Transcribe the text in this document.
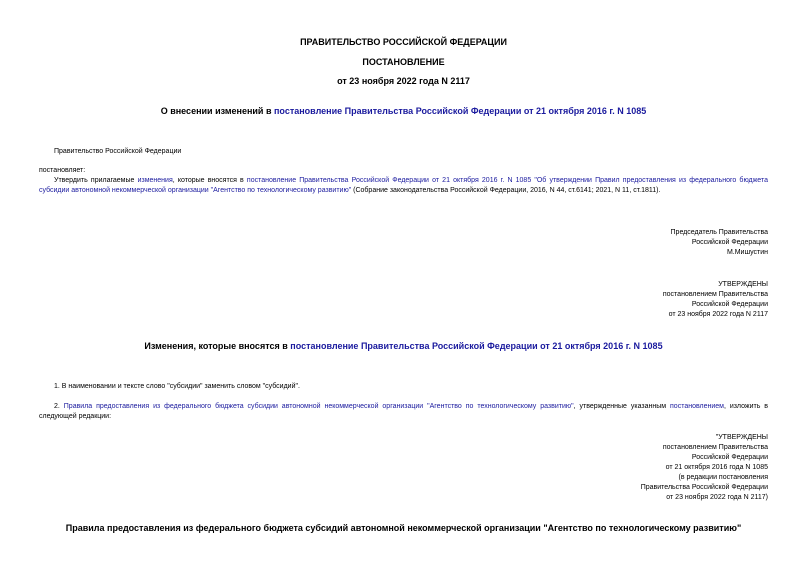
ПРАВИТЕЛЬСТВО РОССИЙСКОЙ ФЕДЕРАЦИИ
ПОСТАНОВЛЕНИЕ
от 23 ноября 2022 года N 2117
О внесении изменений в постановление Правительства Российской Федерации от 21 октября 2016 г. N 1085
Правительство Российской Федерации
постановляет:
Утвердить прилагаемые изменения, которые вносятся в постановление Правительства Российской Федерации от 21 октября 2016 г. N 1085 "Об утверждении Правил предоставления из федерального бюджета субсидии автономной некоммерческой организации "Агентство по технологическому развитию" (Собрание законодательства Российской Федерации, 2016, N 44, ст.6141; 2021, N 11, ст.1811).
Председатель Правительства
Российской Федерации
М.Мишустин
УТВЕРЖДЕНЫ
постановлением Правительства
Российской Федерации
от 23 ноября 2022 года N 2117
Изменения, которые вносятся в постановление Правительства Российской Федерации от 21 октября 2016 г. N 1085
1. В наименовании и тексте слово "субсидии" заменить словом "субсидий".
2. Правила предоставления из федерального бюджета субсидии автономной некоммерческой организации "Агентство по технологическому развитию", утвержденные указанным постановлением, изложить в следующей редакции:
"УТВЕРЖДЕНЫ
постановлением Правительства
Российской Федерации
от 21 октября 2016 года N 1085
(в редакции постановления
Правительства Российской Федерации
от 23 ноября 2022 года N 2117)
Правила предоставления из федерального бюджета субсидий автономной некоммерческой организации "Агентство по технологическому развитию"
